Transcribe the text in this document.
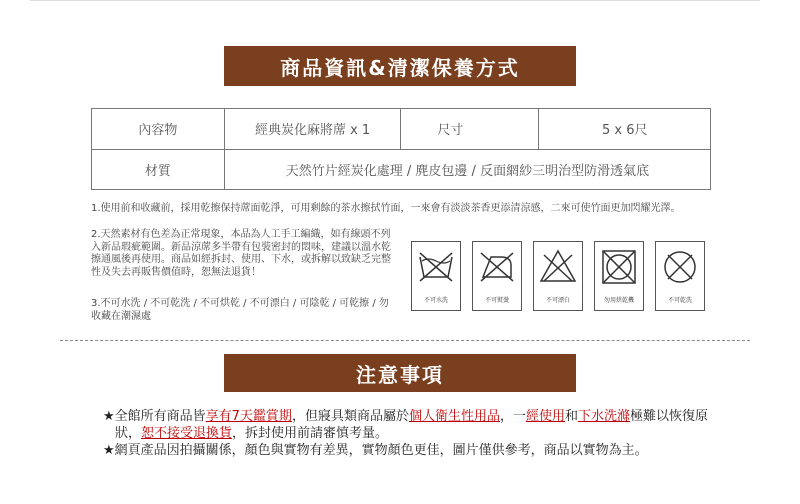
商品資訊&清潔保養方式
內容物	經典炭化麻將蓆 x 1	尺寸	5 x 6尺
材質	天然竹片經炭化處理 / 麂皮包邊 / 反面網紗三明治型防滑透氣底		
1.使用前和收藏前，採用乾擦保持蓆面乾淨，可用剩餘的茶水擦拭竹面，一來會有淡淡茶香更添清涼感，二來可使竹面更加閃耀光澤。
2.天然素材有色差為正常現象，本品為人工手工編織，如有線頭不列入新品瑕疵範圍。新品涼蓆多半帶有包裝密封的悶味，建議以溫水乾擦通風後再使用。商品如經拆封、使用、下水，或拆解以致缺乏完整性及失去再販售價值時，恕無法退貨！
3.不可水洗 / 不可乾洗 / 不可烘乾 / 不可漂白 / 可陰乾 / 可乾擦 / 勿收藏在潮濕處
不可水洗	不可熨燙	不可漂白	勿用烘乾機	不可乾洗
注意事項
★全館所有商品皆享有7天鑑賞期，但寢具類商品屬於個人衛生性用品，一經使用和下水洗滌極難以恢復原狀，恕不接受退換貨，拆封使用前請審慎考量。
★網頁產品因拍攝關係，顏色與實物有差異，實物顏色更佳，圖片僅供參考，商品以實物為主。
